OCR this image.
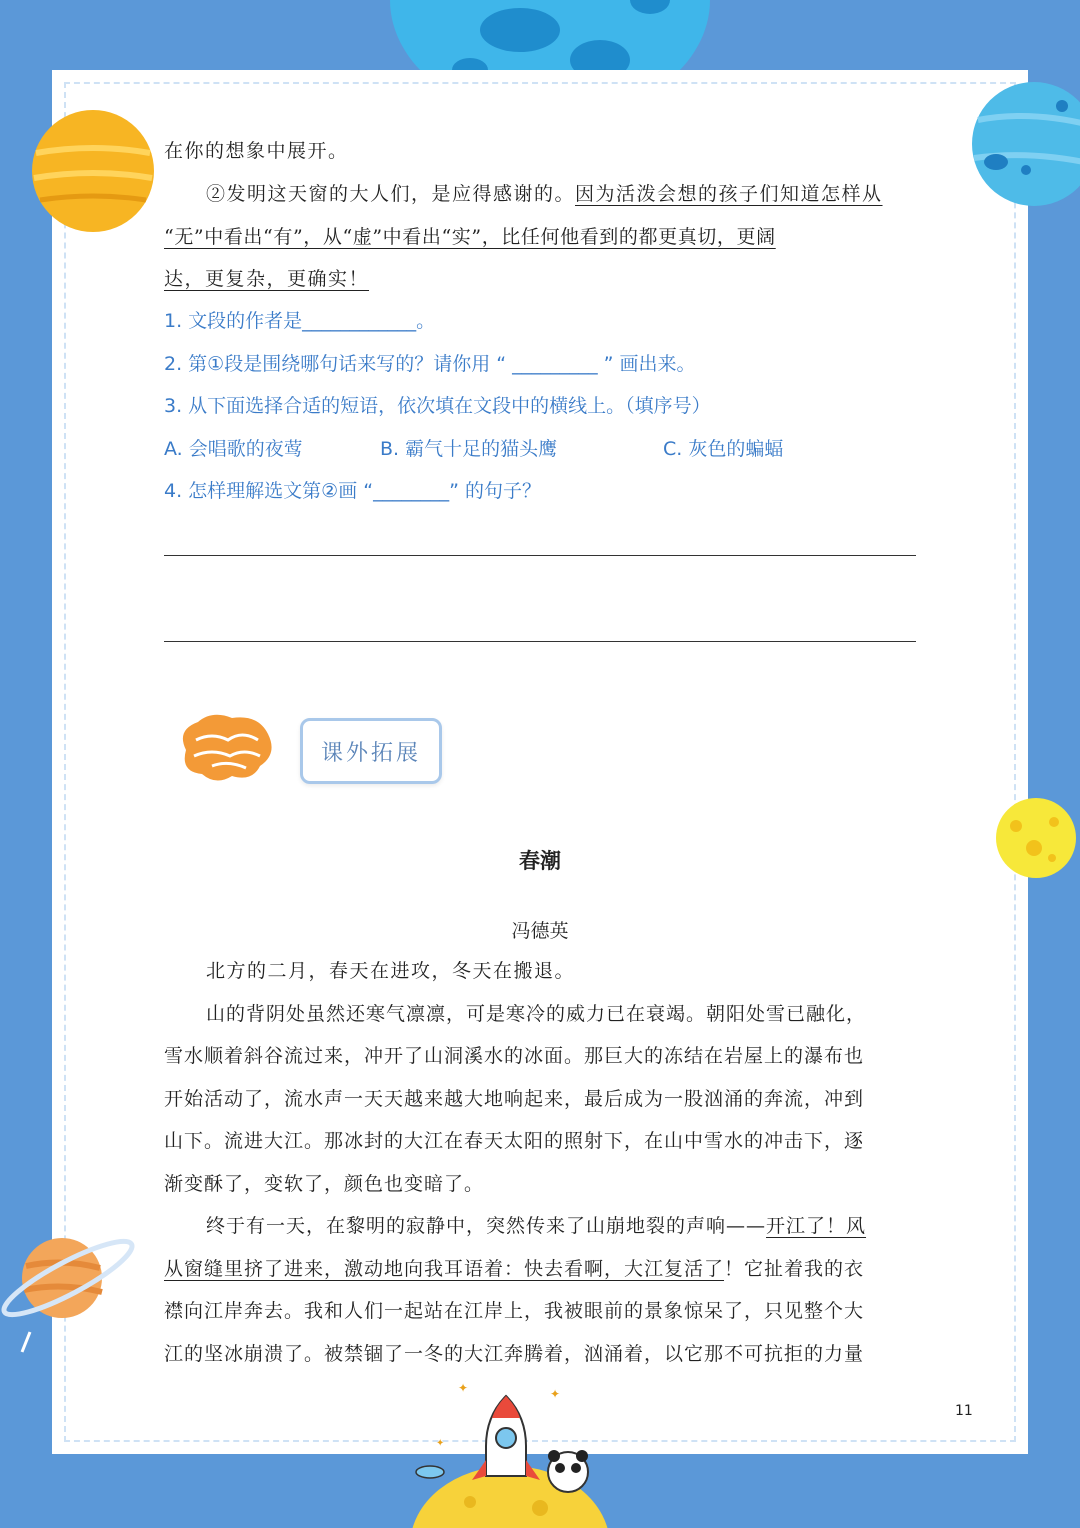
✦	✦
✦
在你的想象中展开。
②发明这天窗的大人们，是应得感谢的。因为活泼会想的孩子们知道怎样从
“无”中看出“有”，从“虚”中看出“实”，比任何他看到的都更真切，更阔
达，更复杂，更确实！
1. 文段的作者是____________。
2. 第①段是围绕哪句话来写的？请你用 “ _________ ” 画出来。
3. 从下面选择合适的短语，依次填在文段中的横线上。（填序号）
A. 会唱歌的夜莺	B. 霸气十足的猫头鹰	C. 灰色的蝙蝠
4. 怎样理解选文第②画 “________” 的句子？
课外拓展
春潮
冯德英
北方的二月，春天在进攻，冬天在搬退。
山的背阴处虽然还寒气凛凛，可是寒冷的威力已在衰竭。朝阳处雪已融化，
雪水顺着斜谷流过来，冲开了山洞溪水的冰面。那巨大的冻结在岩屋上的瀑布也
开始活动了，流水声一天天越来越大地响起来，最后成为一股汹涌的奔流，冲到
山下。流进大江。那冰封的大江在春天太阳的照射下，在山中雪水的冲击下，逐
渐变酥了，变软了，颜色也变暗了。
终于有一天，在黎明的寂静中，突然传来了山崩地裂的声响——开江了！风
从窗缝里挤了进来，激动地向我耳语着：快去看啊，大江复活了！它扯着我的衣
襟向江岸奔去。我和人们一起站在江岸上，我被眼前的景象惊呆了，只见整个大
江的坚冰崩溃了。被禁锢了一冬的大江奔腾着，汹涌着，以它那不可抗拒的力量
11
